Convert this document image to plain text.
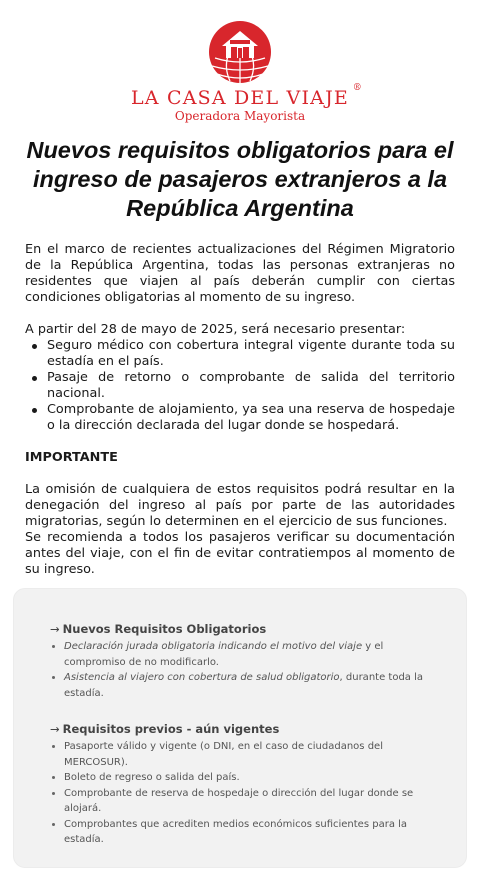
LA CASA DEL VIAJE ®
Operadora Mayorista
Nuevos requisitos obligatorios para el ingreso de pasajeros extranjeros a la República Argentina

En el marco de recientes actualizaciones del Régimen Migratorio de la República Argentina, todas las personas extranjeras no residentes que viajen al país deberán cumplir con ciertas condiciones obligatorias al momento de su ingreso.

A partir del 28 de mayo de 2025, será necesario presentar:

Seguro médico con cobertura integral vigente durante toda su estadía en el país.
Pasaje de retorno o comprobante de salida del territorio nacional.
Comprobante de alojamiento, ya sea una reserva de hospedaje o la dirección declarada del lugar donde se hospedará.

IMPORTANTE

La omisión de cualquiera de estos requisitos podrá resultar en la denegación del ingreso al país por parte de las autoridades migratorias, según lo determinen en el ejercicio de sus funciones.

Se recomienda a todos los pasajeros verificar su documentación antes del viaje, con el fin de evitar contratiempos al momento de su ingreso.

→ Nuevos Requisitos Obligatorios
Declaración jurada obligatoria indicando el motivo del viaje y el compromiso de no modificarlo.
Asistencia al viajero con cobertura de salud obligatorio, durante toda la estadía.
→ Requisitos previos - aún vigentes
Pasaporte válido y vigente (o DNI, en el caso de ciudadanos del MERCOSUR).
Boleto de regreso o salida del país.
Comprobante de reserva de hospedaje o dirección del lugar donde se alojará.
Comprobantes que acrediten medios económicos suficientes para la estadía.
